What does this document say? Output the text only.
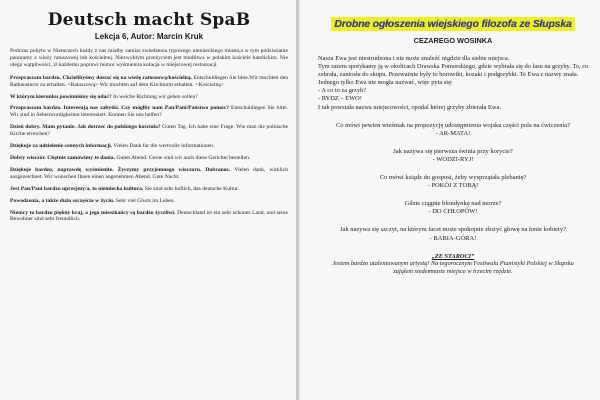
Deutsch macht SpaB
Lekcja 6, Autor: Marcin Kruk

Podczas pobytu w Niemczech każdy z nas miałby zamiar zwiedzenia typowego niemieckiego miasta,a w tym podziwianie panoramy z wieży ratuszowej lub kościelnej. Niezwykłym przeżyciem jest modlitwa w polskim kościele katolickim. Nie ulega wątpliwości, iż każdemu poprawi humor wyśmienita kolacja w miejscowej restauracji.

Przepraszam bardzo. Chcielibyśmy dostać się na wieżę ratuszową/kościelną. Entschuldiegen Sie bitte.Wir mochten den Rathausturm zu erhalten. <Ratuszową> Wir mochten auf dem Kirchturm erhalten. <Kościelną>

W którym kierunku powinniśmy się udać? In welche Richtung wir gehen sollen?

Przepraszam bardzo. Interesują nas zabytki. Czy mógłby nam Pan/Pani/Państwo pomóc? Entschuldiegen Sie bitte. Wir sind in Sehenwurdigkeiten interessiert. Konnen Sie uns helfen?

Dzień dobry. Mam pytanie. Jak dotrzeć do polskiego kościoła? Guten Tag. Ich habe eine Frage. Wie man die polnische Kirche erreichen?

Dziękuje za udzielenie cennych informacji. Vielen Dank far die wertvolle informationen.

Dobry wieczór. Chętnie zamówimy te dania. Guten Abend. Gerne sind wir auch diese Gerichte bestellen.

Dziękuje bardzo, naprawdę wyśmienite. Życzymy przyjemnego wieczoru. Dobranoc. Vielen dank, wirklich ausgezeichnet. Wir wunschen Ihnen einen angenehmen Abend. Gute Nacht.

Jest Pan/Pani bardzo uprzejmy/a, to niemiecka kultura. Sie sind sehr hoflich, das deutsche Kultur.

Powodzenia, a także dużo szczęścia w życiu. Sehr viel Gluck im Leben.

Niemcy to bardzo piękny kraj, a jego mieszkańcy są bardzo życzliwi. Deutschland ist ein sehr schones Land, und seine Bewohner sind sehr freundlich.

Drobne ogłoszenia wiejskiego filozofa ze Słupska
CEZAREGO WOSINKA
Nasza Ewa jest niestrudzona i nie może znaleźć nigdzie dla siebie miejsca.
Tym razem spotykamy ją w okolicach Drawska Pomorskiego, gdzie wybrała się do lasu na grzyby. To, co zebrała, zaniosła do skupu. Przeważnie były to borowiki, kozaki i podgrzybki. Te Ewa z nazwy znała. Jednego tylko Ewa nie mogła nazwać, więc pyta się:
- A co to za grzyb?
- RYDZ – EWO!
I tak powstała nazwa miejscowości, opodal której grzyby zbierała Ewa.
Co mówi pewien wieśniak na propozycję udostępnienia wojsku części pola na ćwiczenia?
- AR-MATA!
Jak nazywa się pierwsza świnia przy korycie?
- WODZI-RYJ!
Co mówi ksiądz do gosposi, żeby wysprzątała plebanię?
- POKÓJ Z TOBĄ!
Gdzie ciągnie blondynkę nad morze?
- DO CHŁOPÓW!
Jak nazywa się szczyt, na którym facet może spokojnie złożyć głowę na łonie kobiety?
- BABIA-GÓRA!
„ZE STAROCI”
Jestem bardzo utalentowanym artystą! Na tegorocznym Festiwalu Pianistyki Polskiej w Słupsku zająłem siedemnaste miejsce w trzecim rzędzie.
